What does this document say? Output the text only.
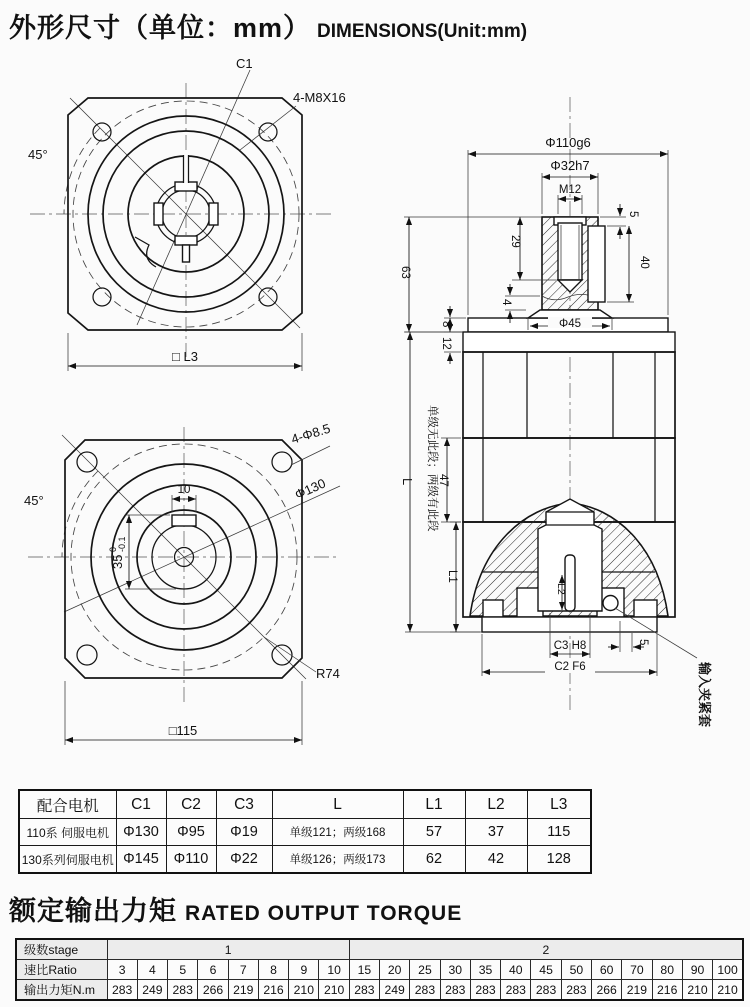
外形尺寸（单位：mm） DIMENSIONS(Unit:mm)
C1
4-M8X16
45°
□ L3
10
35
0 -0.1
45°
4-Φ8.5
Φ130
R74
□115
Φ110g6
Φ32h7
M12
29
5
40
4
63
Φ45
8
12
L 单级无此段；两级有此段 47
L1
L2
C3 H8
C2 F6
5
输入夹紧套
配合电机	C1	C2	C3	L	L1	L2	L3
110系 伺服电机	Φ130	Φ95	Φ19	单级121；两级168	57	37	115
130系列伺服电机	Φ145	Φ110	Φ22	单级126；两级173	62	42	128
额定输出力矩 RATED OUTPUT TORQUE
级数stage	1								2												
速比Ratio	3	4	5	6	7	8	9	10	15	20	25	30	35	40	45	50	60	70	80	90	100
输出力矩N.m	283	249	283	266	219	216	210	210	283	249	283	283	283	283	283	283	266	219	216	210	210
